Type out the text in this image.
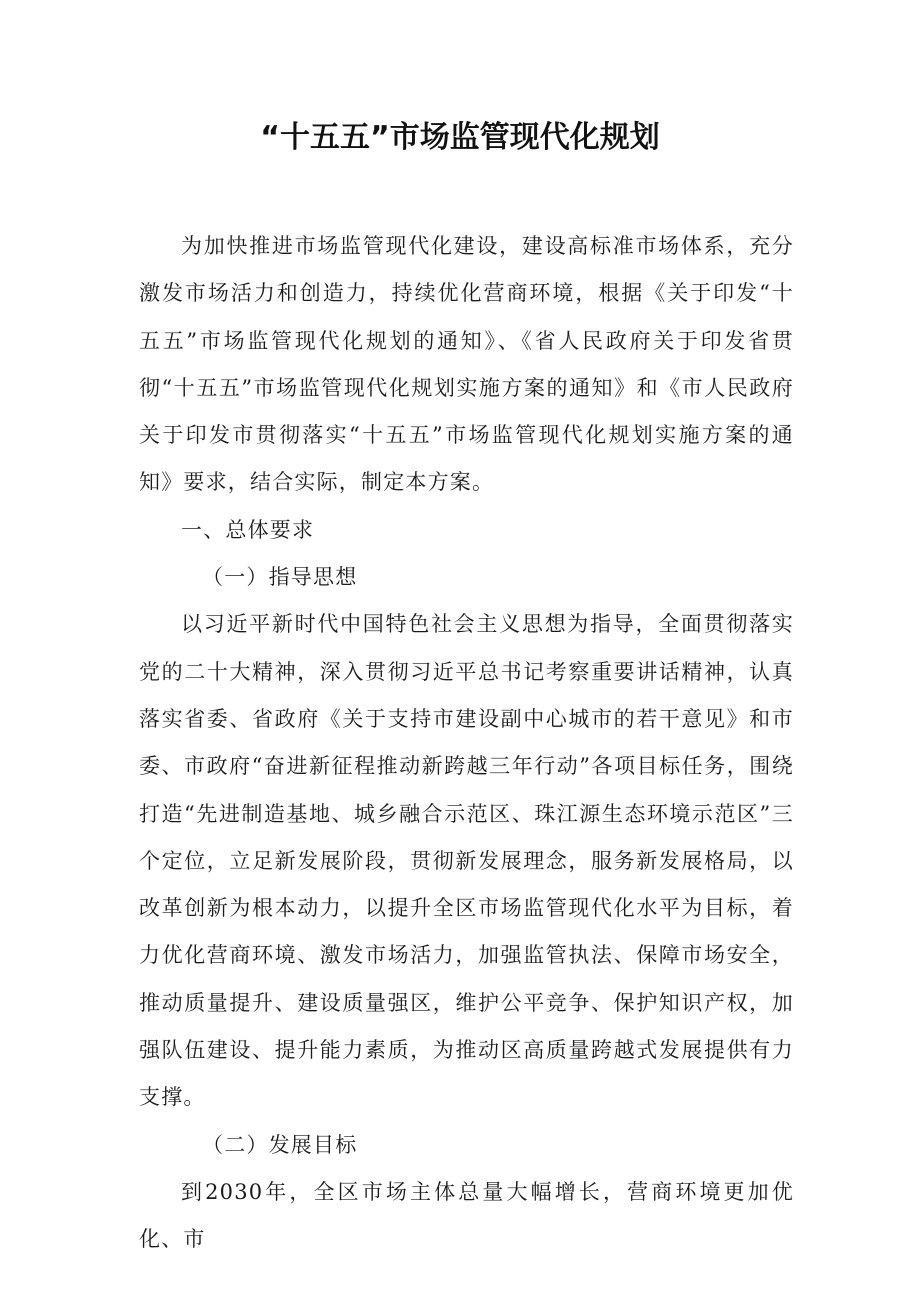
“十五五”市场监管现代化规划

为加快推进市场监管现代化建设，建设高标准市场体系，充分激发市场活力和创造力，持续优化营商环境，根据《关于印发“十五五”市场监管现代化规划的通知》、《省人民政府关于印发省贯彻“十五五”市场监管现代化规划实施方案的通知》和《市人民政府关于印发市贯彻落实“十五五”市场监管现代化规划实施方案的通知》要求，结合实际，制定本方案。

一、总体要求

（一）指导思想

以习近平新时代中国特色社会主义思想为指导，全面贯彻落实党的二十大精神，深入贯彻习近平总书记考察重要讲话精神，认真落实省委、省政府《关于支持市建设副中心城市的若干意见》和市委、市政府“奋进新征程推动新跨越三年行动”各项目标任务，围绕打造“先进制造基地、城乡融合示范区、珠江源生态环境示范区”三个定位，立足新发展阶段，贯彻新发展理念，服务新发展格局，以改革创新为根本动力，以提升全区市场监管现代化水平为目标，着力优化营商环境、激发市场活力，加强监管执法、保障市场安全，推动质量提升、建设质量强区，维护公平竞争、保护知识产权，加强队伍建设、提升能力素质，为推动区高质量跨越式发展提供有力支撑。

（二）发展目标

到2030年，全区市场主体总量大幅增长，营商环境更加优化、市
